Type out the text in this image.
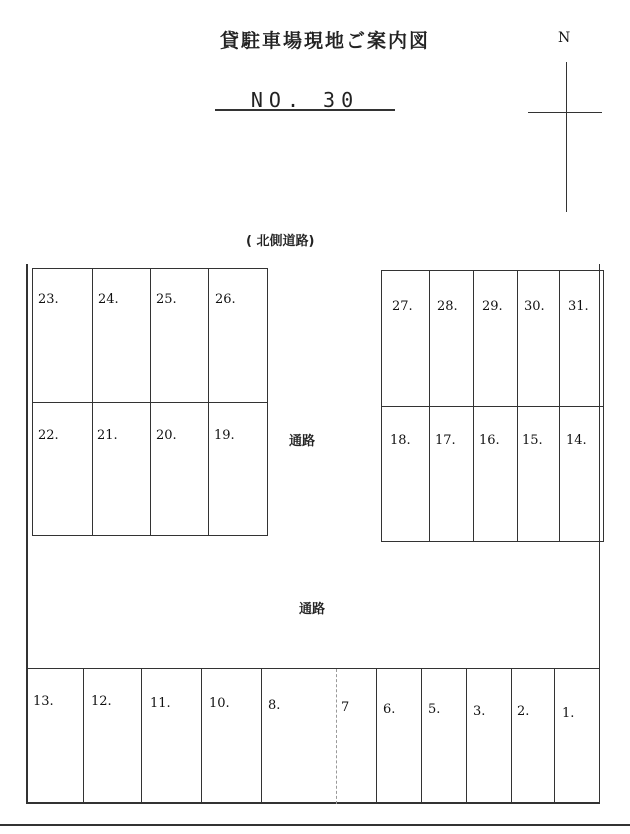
貸駐車場現地ご案内図
NO. 30
N
( 北側道路)
通路
通路
23.	24.	25.	26.
22.	21.	20.	19.
27. 28. 29. 30. 31.
18. 17. 16. 15. 14.
13.	12.	11.	10.	8.	7	6.	5.	3. 2.	1.
